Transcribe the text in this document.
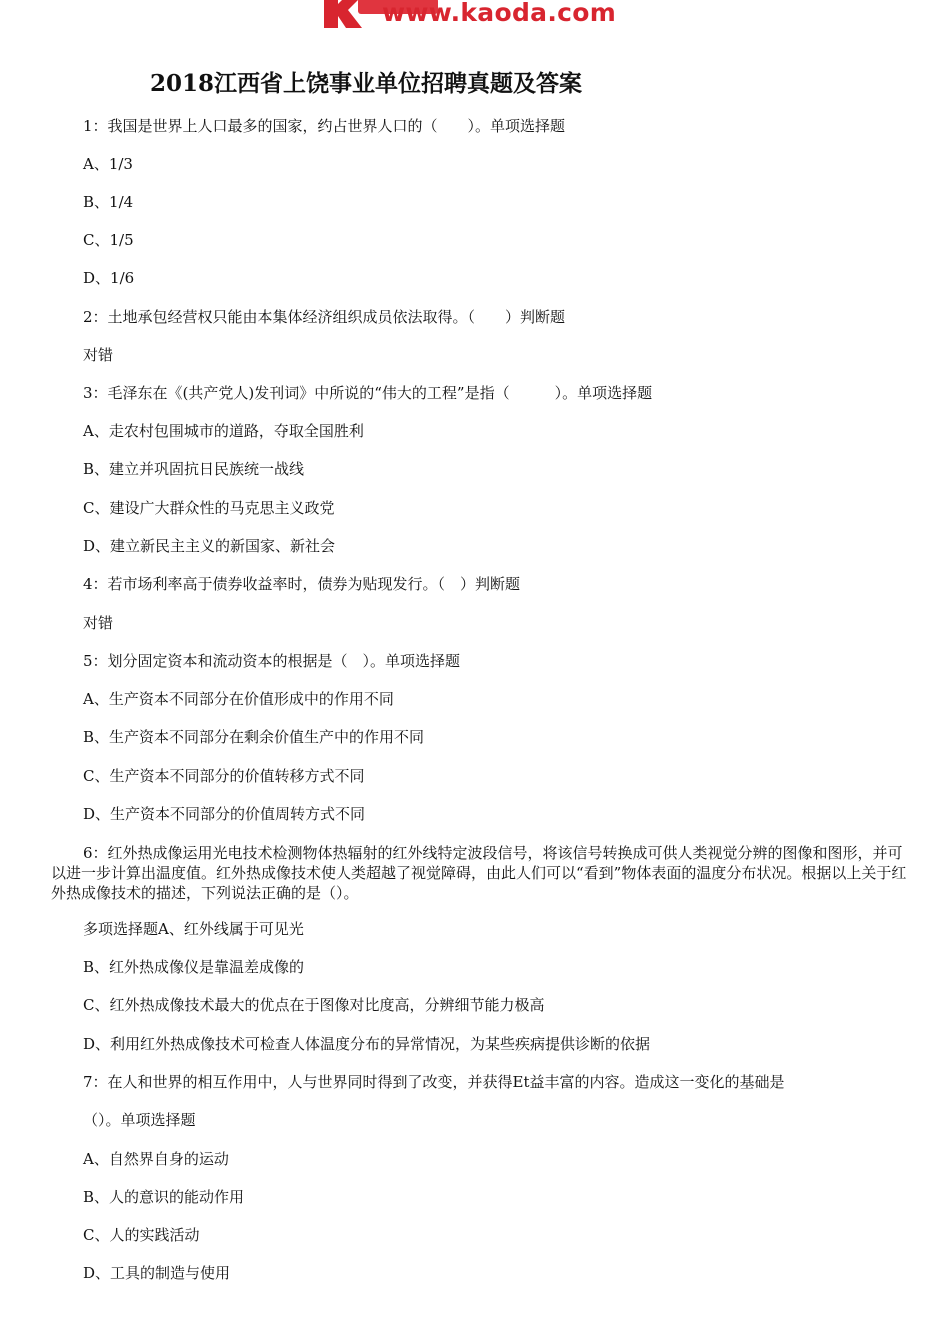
www.kaoda.com
2018江西省上饶事业单位招聘真题及答案

1：我国是世界上人口最多的国家，约占世界人口的（　　）。单项选择题

A、1/3

B、1/4

C、1/5

D、1/6

2：土地承包经营权只能由本集体经济组织成员依法取得。（　　）判断题

对错

3：毛泽东在《(共产党人)发刊词》中所说的“伟大的工程”是指（　　　）。单项选择题

A、走农村包围城市的道路，夺取全国胜利

B、建立并巩固抗日民族统一战线

C、建设广大群众性的马克思主义政党

D、建立新民主主义的新国家、新社会

4：若市场利率高于债券收益率时，债券为贴现发行。（　）判断题

对错

5：划分固定资本和流动资本的根据是（　）。单项选择题

A、生产资本不同部分在价值形成中的作用不同

B、生产资本不同部分在剩余价值生产中的作用不同

C、生产资本不同部分的价值转移方式不同

D、生产资本不同部分的价值周转方式不同

6：红外热成像运用光电技术检测物体热辐射的红外线特定波段信号，将该信号转换成可供人类视觉分辨的图像和图形，并可以进一步计算出温度值。红外热成像技术使人类超越了视觉障碍，由此人们可以“看到”物体表面的温度分布状况。根据以上关于红外热成像技术的描述，下列说法正确的是（）。

多项选择题A、红外线属于可见光

B、红外热成像仪是靠温差成像的

C、红外热成像技术最大的优点在于图像对比度高，分辨细节能力极高

D、利用红外热成像技术可检查人体温度分布的异常情况，为某些疾病提供诊断的依据

7：在人和世界的相互作用中，人与世界同时得到了改变，并获得Et益丰富的内容。造成这一变化的基础是

（）。单项选择题

A、自然界自身的运动

B、人的意识的能动作用

C、人的实践活动

D、工具的制造与使用
